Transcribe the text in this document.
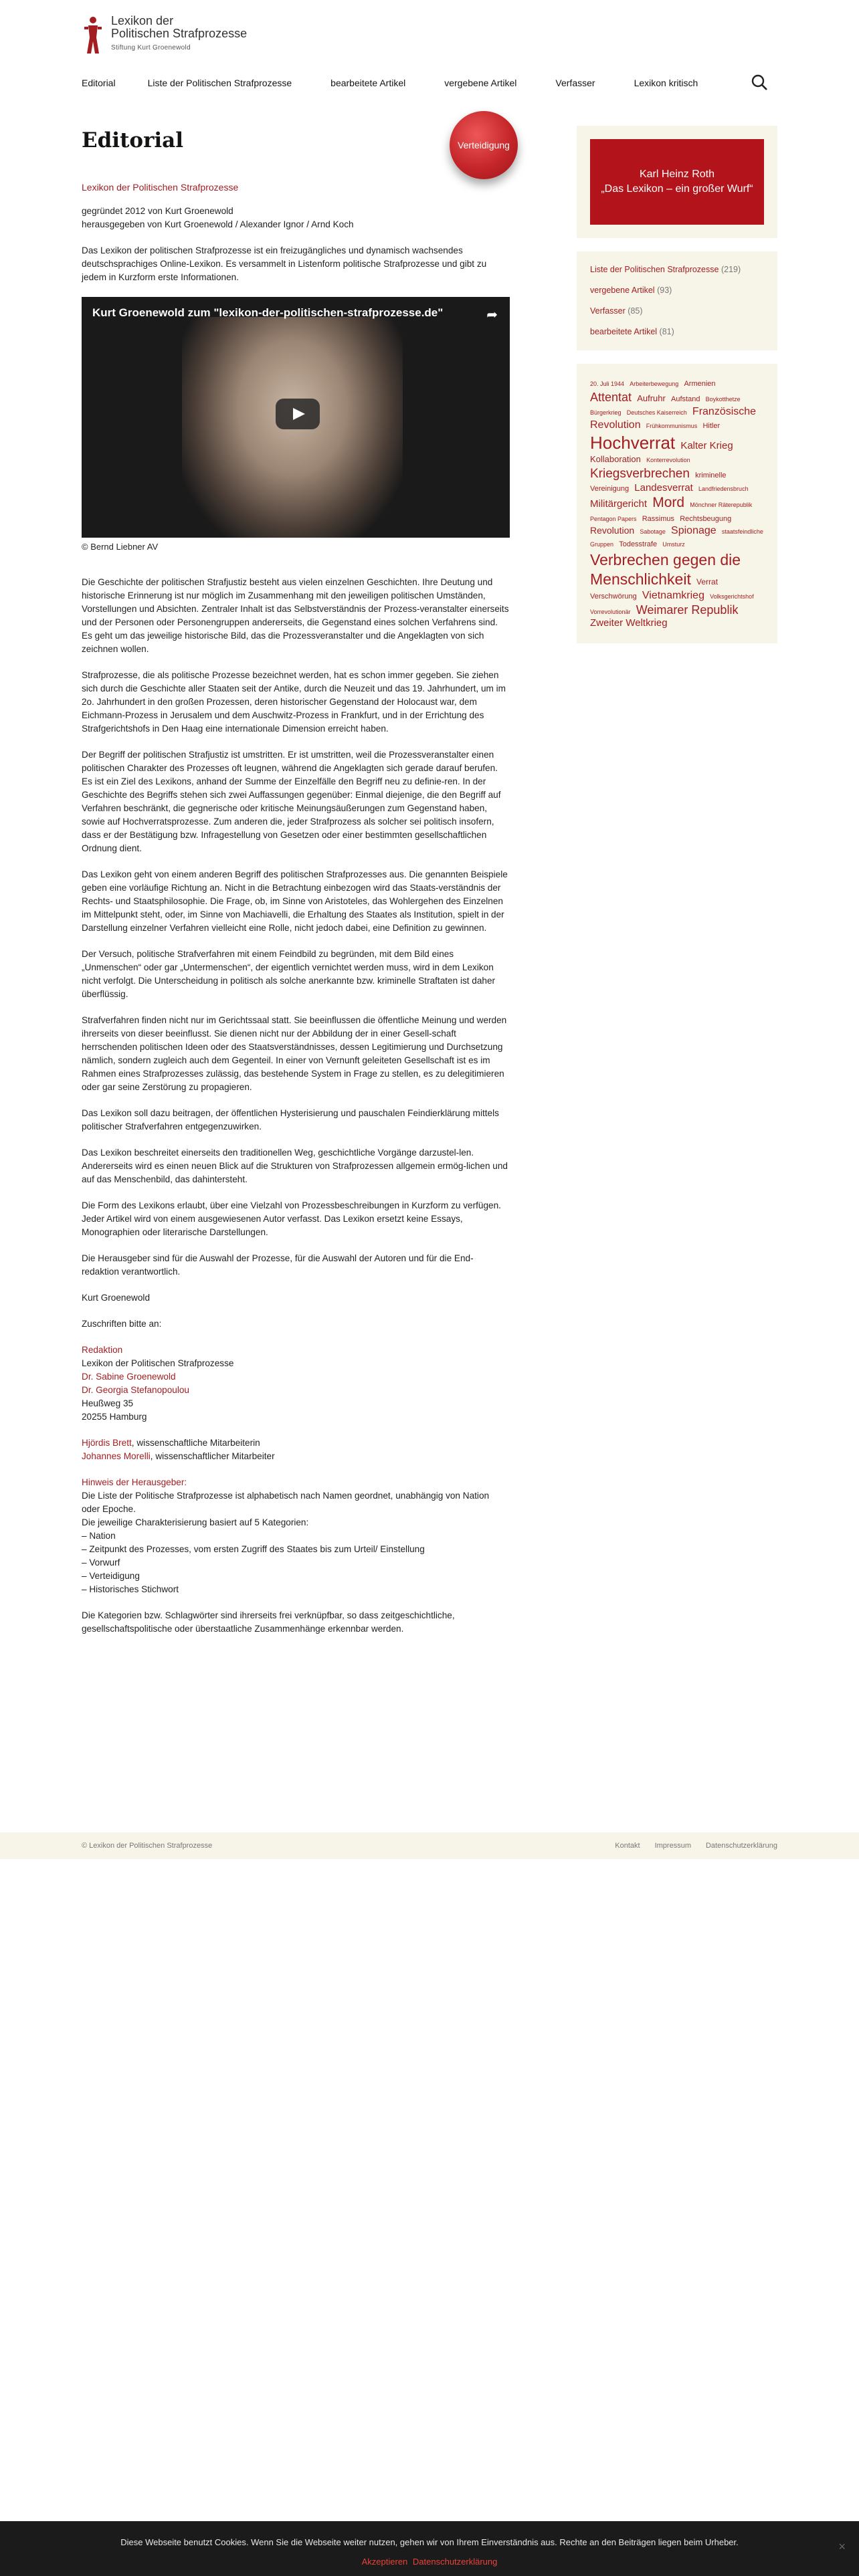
Lexikon der
Politischen Strafprozesse
Stiftung Kurt Groenewold
Editorial	Liste der Politischen Strafprozesse	bearbeitete Artikel	vergebene Artikel	Verfasser	Lexikon kritisch
Editorial	Verteidigung
Lexikon der Politischen Strafprozesse
gegründet 2012 von Kurt Groenewold
herausgegeben von Kurt Groenewold / Alexander Ignor / Arnd Koch

Das Lexikon der politischen Strafprozesse ist ein freizugängliches und dynamisch wachsendes deutschsprachiges Online-Lexikon. Es versammelt in Listenform politische Strafprozesse und gibt zu jedem in Kurzform erste Informationen.

Kurt Groenewold zum "lexikon-der-politischen-strafprozesse.de"	➦
© Bernd Liebner AV

Die Geschichte der politischen Strafjustiz besteht aus vielen einzelnen Geschichten. Ihre Deutung und historische Erinnerung ist nur möglich im Zusammenhang mit den jeweiligen politischen Umständen, Vorstellungen und Absichten. Zentraler Inhalt ist das Selbstverständnis der Prozess-veranstalter einerseits und der Personen oder Personengruppen andererseits, die Gegenstand eines solchen Verfahrens sind. Es geht um das jeweilige historische Bild, das die Prozessveranstalter und die Angeklagten von sich zeichnen wollen.

Strafprozesse, die als politische Prozesse bezeichnet werden, hat es schon immer gegeben. Sie ziehen sich durch die Geschichte aller Staaten seit der Antike, durch die Neuzeit und das 19. Jahrhundert, um im 2o. Jahrhundert in den großen Prozessen, deren historischer Gegenstand der Holocaust war, dem Eichmann-Prozess in Jerusalem und dem Auschwitz-Prozess in Frankfurt, und in der Errichtung des Strafgerichtshofs in Den Haag eine internationale Dimension erreicht haben.

Der Begriff der politischen Strafjustiz ist umstritten. Er ist umstritten, weil die Prozessveranstalter einen politischen Charakter des Prozesses oft leugnen, während die Angeklagten sich gerade darauf berufen. Es ist ein Ziel des Lexikons, anhand der Summe der Einzelfälle den Begriff neu zu definie-ren. In der Geschichte des Begriffs stehen sich zwei Auffassungen gegenüber: Einmal diejenige, die den Begriff auf Verfahren beschränkt, die gegnerische oder kritische Meinungsäußerungen zum Gegenstand haben, sowie auf Hochverratsprozesse. Zum anderen die, jeder Strafprozess als solcher sei politisch insofern, dass er der Bestätigung bzw. Infragestellung von Gesetzen oder einer bestimmten gesellschaftlichen Ordnung dient.

Das Lexikon geht von einem anderen Begriff des politischen Strafprozesses aus. Die genannten Beispiele geben eine vorläufige Richtung an. Nicht in die Betrachtung einbezogen wird das Staats-verständnis der Rechts- und Staatsphilosophie. Die Frage, ob, im Sinne von Aristoteles, das Wohlergehen des Einzelnen im Mittelpunkt steht, oder, im Sinne von Machiavelli, die Erhaltung des Staates als Institution, spielt in der Darstellung einzelner Verfahren vielleicht eine Rolle, nicht jedoch dabei, eine Definition zu gewinnen.

Der Versuch, politische Strafverfahren mit einem Feindbild zu begründen, mit dem Bild eines „Unmenschen“ oder gar „Untermenschen“, der eigentlich vernichtet werden muss, wird in dem Lexikon nicht verfolgt. Die Unterscheidung in politisch als solche anerkannte bzw. kriminelle Straftaten ist daher überflüssig.

Strafverfahren finden nicht nur im Gerichtssaal statt. Sie beeinflussen die öffentliche Meinung und werden ihrerseits von dieser beeinflusst. Sie dienen nicht nur der Abbildung der in einer Gesell-schaft herrschenden politischen Ideen oder des Staatsverständnisses, dessen Legitimierung und Durchsetzung nämlich, sondern zugleich auch dem Gegenteil. In einer von Vernunft geleiteten Gesellschaft ist es im Rahmen eines Strafprozesses zulässig, das bestehende System in Frage zu stellen, es zu delegitimieren oder gar seine Zerstörung zu propagieren.

Das Lexikon soll dazu beitragen, der öffentlichen Hysterisierung und pauschalen Feindierklärung mittels politischer Strafverfahren entgegenzuwirken.

Das Lexikon beschreitet einerseits den traditionellen Weg, geschichtliche Vorgänge darzustel-len. Andererseits wird es einen neuen Blick auf die Strukturen von Strafprozessen allgemein ermög-lichen und auf das Menschenbild, das dahintersteht.

Die Form des Lexikons erlaubt, über eine Vielzahl von Prozessbeschreibungen in Kurzform zu verfügen. Jeder Artikel wird von einem ausgewiesenen Autor verfasst. Das Lexikon ersetzt keine Essays, Monographien oder literarische Darstellungen.

Die Herausgeber sind für die Auswahl der Prozesse, für die Auswahl der Autoren und für die End-redaktion verantwortlich.

Kurt Groenewold

Zuschriften bitte an:

Redaktion
Lexikon der Politischen Strafprozesse
Dr. Sabine Groenewold
Dr. Georgia Stefanopoulou
Heußweg 35
20255 Hamburg
Hjördis Brett, wissenschaftliche Mitarbeiterin
Johannes Morelli, wissenschaftlicher Mitarbeiter
Hinweis der Herausgeber:
Die Liste der Politische Strafprozesse ist alphabetisch nach Namen geordnet, unabhängig von Nation oder Epoche.
Die jeweilige Charakterisierung basiert auf 5 Kategorien:
– Nation
– Zeitpunkt des Prozesses, vom ersten Zugriff des Staates bis zum Urteil/ Einstellung
– Vorwurf
– Verteidigung
– Historisches Stichwort

Die Kategorien bzw. Schlagwörter sind ihrerseits frei verknüpfbar, so dass zeitgeschichtliche, gesellschaftspolitische oder überstaatliche Zusammenhänge erkennbar werden.

Karl Heinz Roth
„Das Lexikon – ein großer Wurf“
Liste der Politischen Strafprozesse (219)
vergebene Artikel (93)
Verfasser (85)
bearbeitete Artikel (81)
20. Juli 1944 Arbeiterbewegung Armenien Attentat Aufruhr Aufstand Boykotthetze Bürgerkrieg Deutsches Kaiserreich Französische Revolution Frühkommunismus Hitler Hochverrat Kalter Krieg Kollaboration Konterrevolution Kriegsverbrechen kriminelle Vereinigung Landesverrat Landfriedensbruch Militärgericht Mord Mönchner Räterepublik Pentagon Papers Rassimus Rechtsbeugung Revolution Sabotage Spionage staatsfeindliche Gruppen Todesstrafe Umsturz Verbrechen gegen die Menschlichkeit Verrat Verschwörung Vietnamkrieg Volksgerichtshof Vorrevolutionär Weimarer Republik Zweiter Weltkrieg
© Lexikon der Politischen Strafprozesse	Kontakt Impressum Datenschutzerklärung
Diese Webseite benutzt Cookies. Wenn Sie die Webseite weiter nutzen, gehen wir von Ihrem Einverständnis aus. Rechte an den Beiträgen liegen beim Urheber.
Akzeptieren Datenschutzerklärung
×
